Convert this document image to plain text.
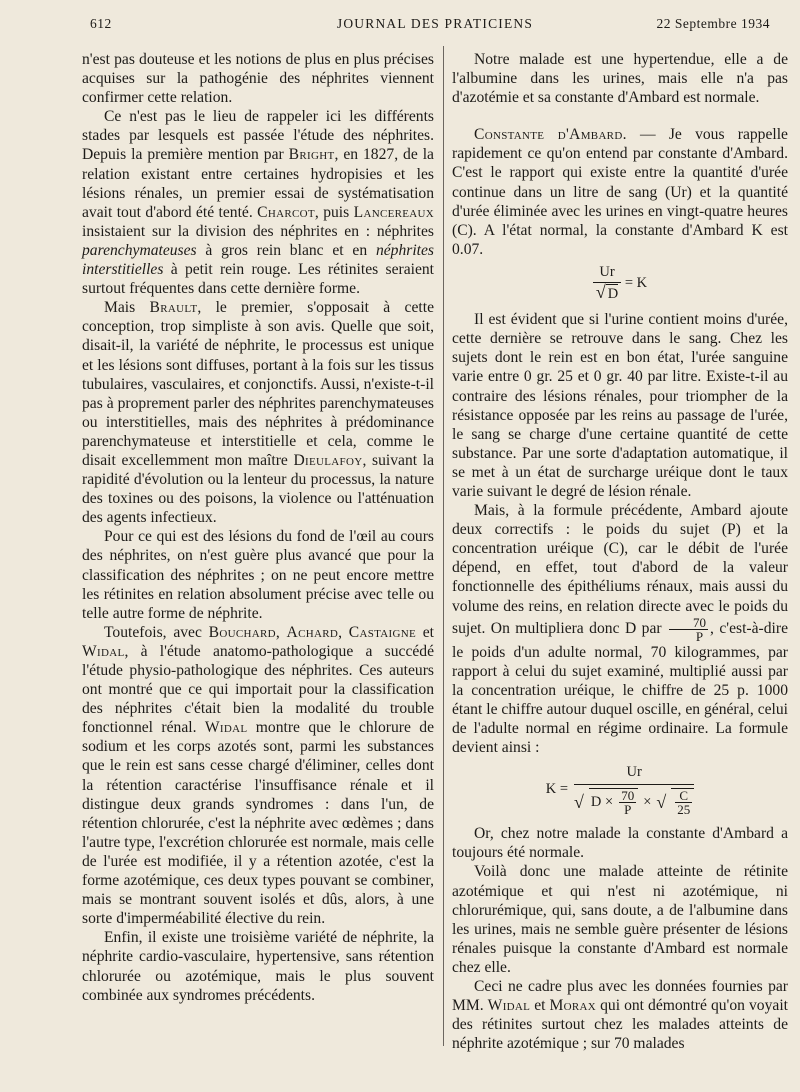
612	JOURNAL DES PRATICIENS	22 Septembre 1934

n'est pas douteuse et les notions de plus en plus précises acquises sur la pathogénie des néphrites viennent confirmer cette relation.

Ce n'est pas le lieu de rappeler ici les différents stades par lesquels est passée l'étude des néphrites. Depuis la première mention par Bright, en 1827, de la relation existant entre certaines hydropisies et les lésions rénales, un premier essai de systématisation avait tout d'abord été tenté. Charcot, puis Lancereaux insistaient sur la division des néphrites en : néphrites parenchymateuses à gros rein blanc et en néphrites interstitielles à petit rein rouge. Les rétinites seraient surtout fréquentes dans cette dernière forme.

Mais Brault, le premier, s'opposait à cette conception, trop simpliste à son avis. Quelle que soit, disait-il, la variété de néphrite, le processus est unique et les lésions sont diffuses, portant à la fois sur les tissus tubulaires, vasculaires, et conjonctifs. Aussi, n'existe-t-il pas à proprement parler des néphrites parenchymateuses ou interstitielles, mais des néphrites à prédominance parenchymateuse et interstitielle et cela, comme le disait excellemment mon maître Dieulafoy, suivant la rapidité d'évolution ou la lenteur du processus, la nature des toxines ou des poisons, la violence ou l'atténuation des agents infectieux.

Pour ce qui est des lésions du fond de l'œil au cours des néphrites, on n'est guère plus avancé que pour la classification des néphrites ; on ne peut encore mettre les rétinites en relation absolument précise avec telle ou telle autre forme de néphrite.

Toutefois, avec Bouchard, Achard, Castaigne et Widal, à l'étude anatomo-pathologique a succédé l'étude physio-pathologique des néphrites. Ces auteurs ont montré que ce qui importait pour la classification des néphrites c'était bien la modalité du trouble fonctionnel rénal. Widal montre que le chlorure de sodium et les corps azotés sont, parmi les substances que le rein est sans cesse chargé d'éliminer, celles dont la rétention caractérise l'insuffisance rénale et il distingue deux grands syndromes : dans l'un, de rétention chlorurée, c'est la néphrite avec œdèmes ; dans l'autre type, l'excrétion chlorurée est normale, mais celle de l'urée est modifiée, il y a rétention azotée, c'est la forme azotémique, ces deux types pouvant se combiner, mais se montrant souvent isolés et dûs, alors, à une sorte d'imperméabilité élective du rein.

Enfin, il existe une troisième variété de néphrite, la néphrite cardio-vasculaire, hypertensive, sans rétention chlorurée ou azotémique, mais le plus souvent combinée aux syndromes précédents.

Notre malade est une hypertendue, elle a de l'albumine dans les urines, mais elle n'a pas d'azotémie et sa constante d'Ambard est normale.

Constante d'Ambard. — Je vous rappelle rapidement ce qu'on entend par constante d'Ambard. C'est le rapport qui existe entre la quantité d'urée continue dans un litre de sang (Ur) et la quantité d'urée éliminée avec les urines en vingt-quatre heures (C). A l'état normal, la constante d'Ambard K est 0.07.

$\frac{Ur}{√ D} = K$

Il est évident que si l'urine contient moins d'urée, cette dernière se retrouve dans le sang. Chez les sujets dont le rein est en bon état, l'urée sanguine varie entre 0 gr. 25 et 0 gr. 40 par litre. Existe-t-il au contraire des lésions rénales, pour triompher de la résistance opposée par les reins au passage de l'urée, le sang se charge d'une certaine quantité de cette substance. Par une sorte d'adaptation automatique, il se met à un état de surcharge uréique dont le taux varie suivant le degré de lésion rénale.

Mais, à la formule précédente, Ambard ajoute deux correctifs : le poids du sujet (P) et la concentration uréique (C), car le débit de l'urée dépend, en effet, tout d'abord de la valeur fonctionnelle des épithéliums rénaux, mais aussi du volume des reins, en relation directe avec le poids du sujet. On multipliera donc D par $\frac{70}{P}$ , c'est-à-dire le poids d'un adulte normal, 70 kilogrammes, par rapport à celui du sujet examiné, multiplié aussi par la concentration uréique, le chiffre de 25 p. 1000 étant le chiffre autour duquel oscille, en général, celui de l'adulte normal en régime ordinaire. La formule devient ainsi :

K =
Ur
√ $D \times \frac{70}{P}$ × √ $\frac{C}{25}$

Or, chez notre malade la constante d'Ambard a toujours été normale.

Voilà donc une malade atteinte de rétinite azotémique et qui n'est ni azotémique, ni chlorurémique, qui, sans doute, a de l'albumine dans les urines, mais ne semble guère présenter de lésions rénales puisque la constante d'Ambard est normale chez elle.

Ceci ne cadre plus avec les données fournies par MM. Widal et Morax qui ont démontré qu'on voyait des rétinites surtout chez les malades atteints de néphrite azotémique ; sur 70 malades
